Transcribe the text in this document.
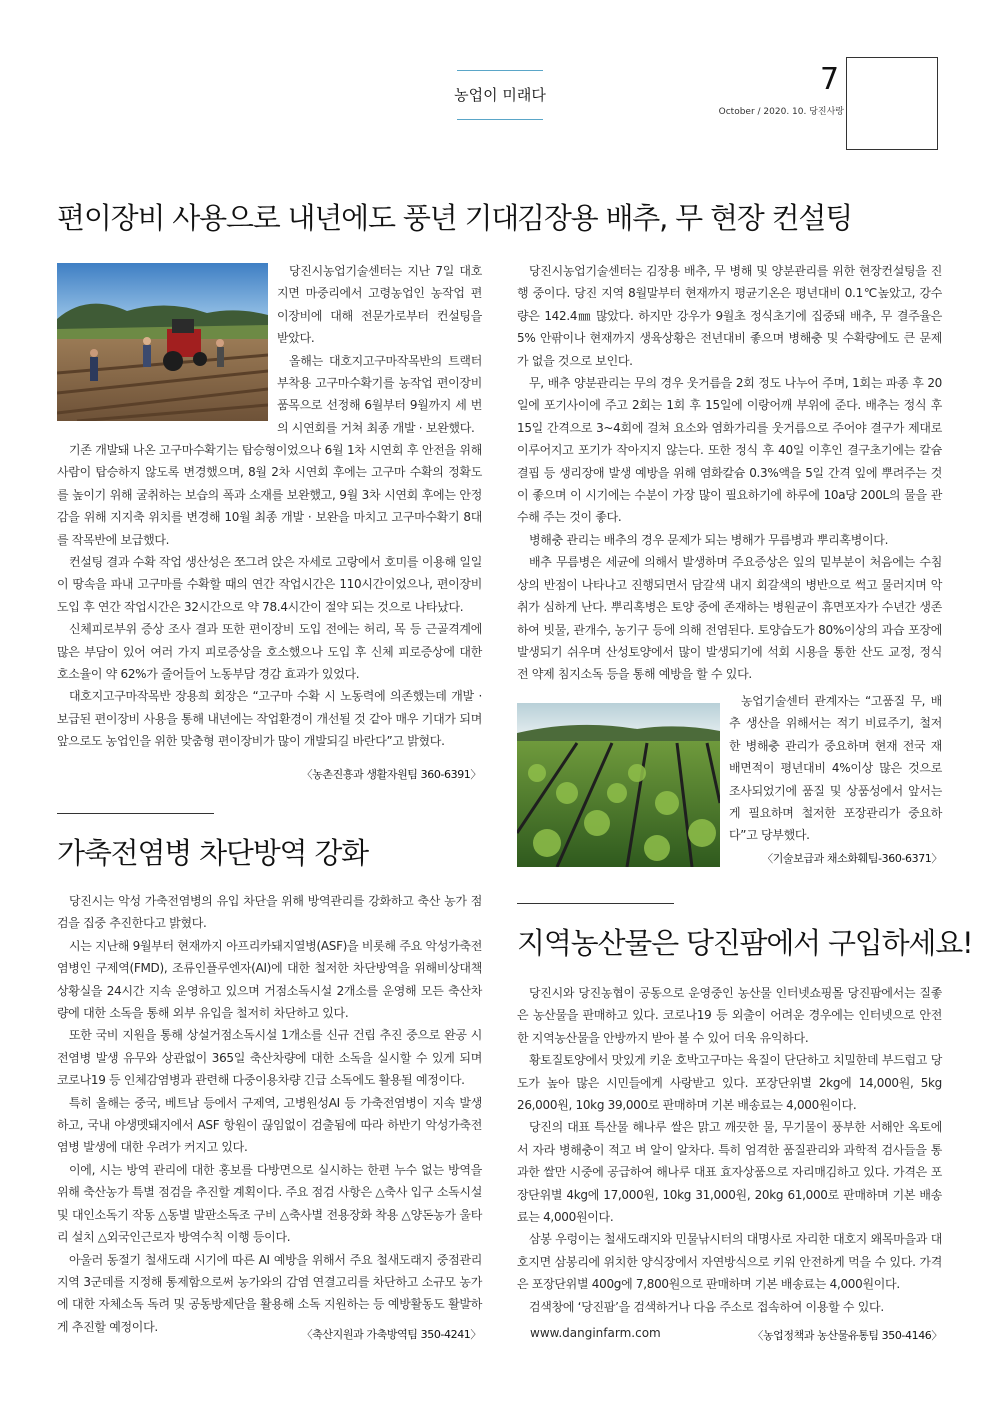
농업이 미래다	7
October / 2020. 10. 당진사랑
편이장비 사용으로 내년에도 풍년 기대

당진시농업기술센터는 지난 7일 대호지면 마중리에서 고령농업인 농작업 편이장비에 대해 전문가로부터 컨설팅을 받았다.

올해는 대호지고구마작목반의 트랙터 부착용 고구마수확기를 농작업 편이장비 품목으로 선정해 6월부터 9월까지 세 번의 시연회를 거쳐 최종 개발 · 보완했다.

기존 개발돼 나온 고구마수확기는 탑승형이었으나 6월 1차 시연회 후 안전을 위해 사람이 탑승하지 않도록 변경했으며, 8월 2차 시연회 후에는 고구마 수확의 정확도를 높이기 위해 굴취하는 보습의 폭과 소재를 보완했고, 9월 3차 시연회 후에는 안정감을 위해 지지축 위치를 변경해 10월 최종 개발 · 보완을 마치고 고구마수확기 8대를 작목반에 보급했다.

컨설팅 결과 수확 작업 생산성은 쪼그려 앉은 자세로 고랑에서 호미를 이용해 일일이 땅속을 파내 고구마를 수확할 때의 연간 작업시간은 110시간이었으나, 편이장비 도입 후 연간 작업시간은 32시간으로 약 78.4시간이 절약 되는 것으로 나타났다.

신체피로부위 증상 조사 결과 또한 편이장비 도입 전에는 허리, 목 등 근골격계에 많은 부담이 있어 여러 가지 피로증상을 호소했으나 도입 후 신체 피로증상에 대한 호소율이 약 62%가 줄어들어 노동부담 경감 효과가 있었다.

대호지고구마작목반 장용희 회장은 “고구마 수확 시 노동력에 의존했는데 개발 · 보급된 편이장비 사용을 통해 내년에는 작업환경이 개선될 것 같아 매우 기대가 되며 앞으로도 농업인을 위한 맞춤형 편이장비가 많이 개발되길 바란다”고 밝혔다.

〈농촌진흥과 생활자원팀 360-6391〉
가축전염병 차단방역 강화

당진시는 악성 가축전염병의 유입 차단을 위해 방역관리를 강화하고 축산 농가 점검을 집중 추진한다고 밝혔다.

시는 지난해 9월부터 현재까지 아프리카돼지열병(ASF)을 비롯해 주요 악성가축전염병인 구제역(FMD), 조류인플루엔자(AI)에 대한 철저한 차단방역을 위해비상대책상황실을 24시간 지속 운영하고 있으며 거점소독시설 2개소를 운영해 모든 축산차량에 대한 소독을 통해 외부 유입을 철저히 차단하고 있다.

또한 국비 지원을 통해 상설거점소독시설 1개소를 신규 건립 추진 중으로 완공 시 전염병 발생 유무와 상관없이 365일 축산차량에 대한 소독을 실시할 수 있게 되며 코로나19 등 인체감염병과 관련해 다중이용차량 긴급 소독에도 활용될 예정이다.

특히 올해는 중국, 베트남 등에서 구제역, 고병원성AI 등 가축전염병이 지속 발생하고, 국내 야생멧돼지에서 ASF 항원이 끊임없이 검출됨에 따라 하반기 악성가축전염병 발생에 대한 우려가 커지고 있다.

이에, 시는 방역 관리에 대한 홍보를 다방면으로 실시하는 한편 누수 없는 방역을 위해 축산농가 특별 점검을 추진할 계획이다. 주요 점검 사항은 △축사 입구 소독시설 및 대인소독기 작동 △동별 발판소독조 구비 △축사별 전용장화 착용 △양돈농가 울타리 설치 △외국인근로자 방역수칙 이행 등이다.

아울러 동절기 철새도래 시기에 따른 AI 예방을 위해서 주요 철새도래지 중점관리지역 3군데를 지정해 통제함으로써 농가와의 감염 연결고리를 차단하고 소규모 농가에 대한 자체소독 독려 및 공동방제단을 활용해 소독 지원하는 등 예방활동도 활발하게 추진할 예정이다.

〈축산지원과 가축방역팀 350-4241〉
김장용 배추, 무 현장 컨설팅

당진시농업기술센터는 김장용 배추, 무 병해 및 양분관리를 위한 현장컨설팅을 진행 중이다. 당진 지역 8월말부터 현재까지 평균기온은 평년대비 0.1℃높았고, 강수량은 142.4㎜ 많았다. 하지만 강우가 9월초 정식초기에 집중돼 배추, 무 결주율은 5% 안팎이나 현재까지 생육상황은 전년대비 좋으며 병해충 및 수확량에도 큰 문제가 없을 것으로 보인다.

무, 배추 양분관리는 무의 경우 웃거름을 2회 정도 나누어 주며, 1회는 파종 후 20일에 포기사이에 주고 2회는 1회 후 15일에 이랑어깨 부위에 준다. 배추는 정식 후 15일 간격으로 3~4회에 걸쳐 요소와 염화가리를 웃거름으로 주어야 결구가 제대로 이루어지고 포기가 작아지지 않는다. 또한 정식 후 40일 이후인 결구초기에는 칼슘결핍 등 생리장애 발생 예방을 위해 염화칼슘 0.3%액을 5일 간격 잎에 뿌려주는 것이 좋으며 이 시기에는 수분이 가장 많이 필요하기에 하루에 10a당 200L의 물을 관수해 주는 것이 좋다.

병해충 관리는 배추의 경우 문제가 되는 병해가 무름병과 뿌리혹병이다.

배추 무름병은 세균에 의해서 발생하며 주요증상은 잎의 밑부분이 처음에는 수침상의 반점이 나타나고 진행되면서 담갈색 내지 회갈색의 병반으로 썩고 물러지며 악취가 심하게 난다. 뿌리혹병은 토양 중에 존재하는 병원균이 휴면포자가 수년간 생존하여 빗물, 관개수, 농기구 등에 의해 전염된다. 토양습도가 80%이상의 과습 포장에 발생되기 쉬우며 산성토양에서 많이 발생되기에 석회 시용을 통한 산도 교정, 정식 전 약제 침지소독 등을 통해 예방을 할 수 있다.

농업기술센터 관계자는 “고품질 무, 배추 생산을 위해서는 적기 비료주기, 철저한 병해충 관리가 중요하며 현재 전국 재배면적이 평년대비 4%이상 많은 것으로 조사되었기에 품질 및 상품성에서 앞서는게 필요하며 철저한 포장관리가 중요하다”고 당부했다.

〈기술보급과 채소화훼팀-360-6371〉
지역농산물은 당진팜에서 구입하세요!

당진시와 당진농협이 공동으로 운영중인 농산물 인터넷쇼핑몰 당진팜에서는 질좋은 농산물을 판매하고 있다. 코로나19 등 외출이 어려운 경우에는 인터넷으로 안전한 지역농산물을 안방까지 받아 볼 수 있어 더욱 유익하다.

황토질토양에서 맛있게 키운 호박고구마는 육질이 단단하고 치밀한데 부드럽고 당도가 높아 많은 시민들에게 사랑받고 있다. 포장단위별 2kg에 14,000원, 5kg 26,000원, 10kg 39,000로 판매하며 기본 배송료는 4,000원이다.

당진의 대표 특산물 해나루 쌀은 맑고 깨끗한 물, 무기물이 풍부한 서해안 옥토에서 자라 병해충이 적고 벼 알이 알차다. 특히 엄격한 품질관리와 과학적 검사들을 통과한 쌀만 시중에 공급하여 해나루 대표 효자상품으로 자리매김하고 있다. 가격은 포장단위별 4kg에 17,000원, 10kg 31,000원, 20kg 61,000로 판매하며 기본 배송료는 4,000원이다.

삼봉 우렁이는 철새도래지와 민물낚시터의 대명사로 자리한 대호지 왜목마을과 대호지면 삼봉리에 위치한 양식장에서 자연방식으로 키워 안전하게 먹을 수 있다. 가격은 포장단위별 400g에 7,800원으로 판매하며 기본 배송료는 4,000원이다.

검색창에 ‘당진팜’을 검색하거나 다음 주소로 접속하여 이용할 수 있다.

www.danginfarm.com	〈농업정책과 농산물유통팀 350-4146〉
